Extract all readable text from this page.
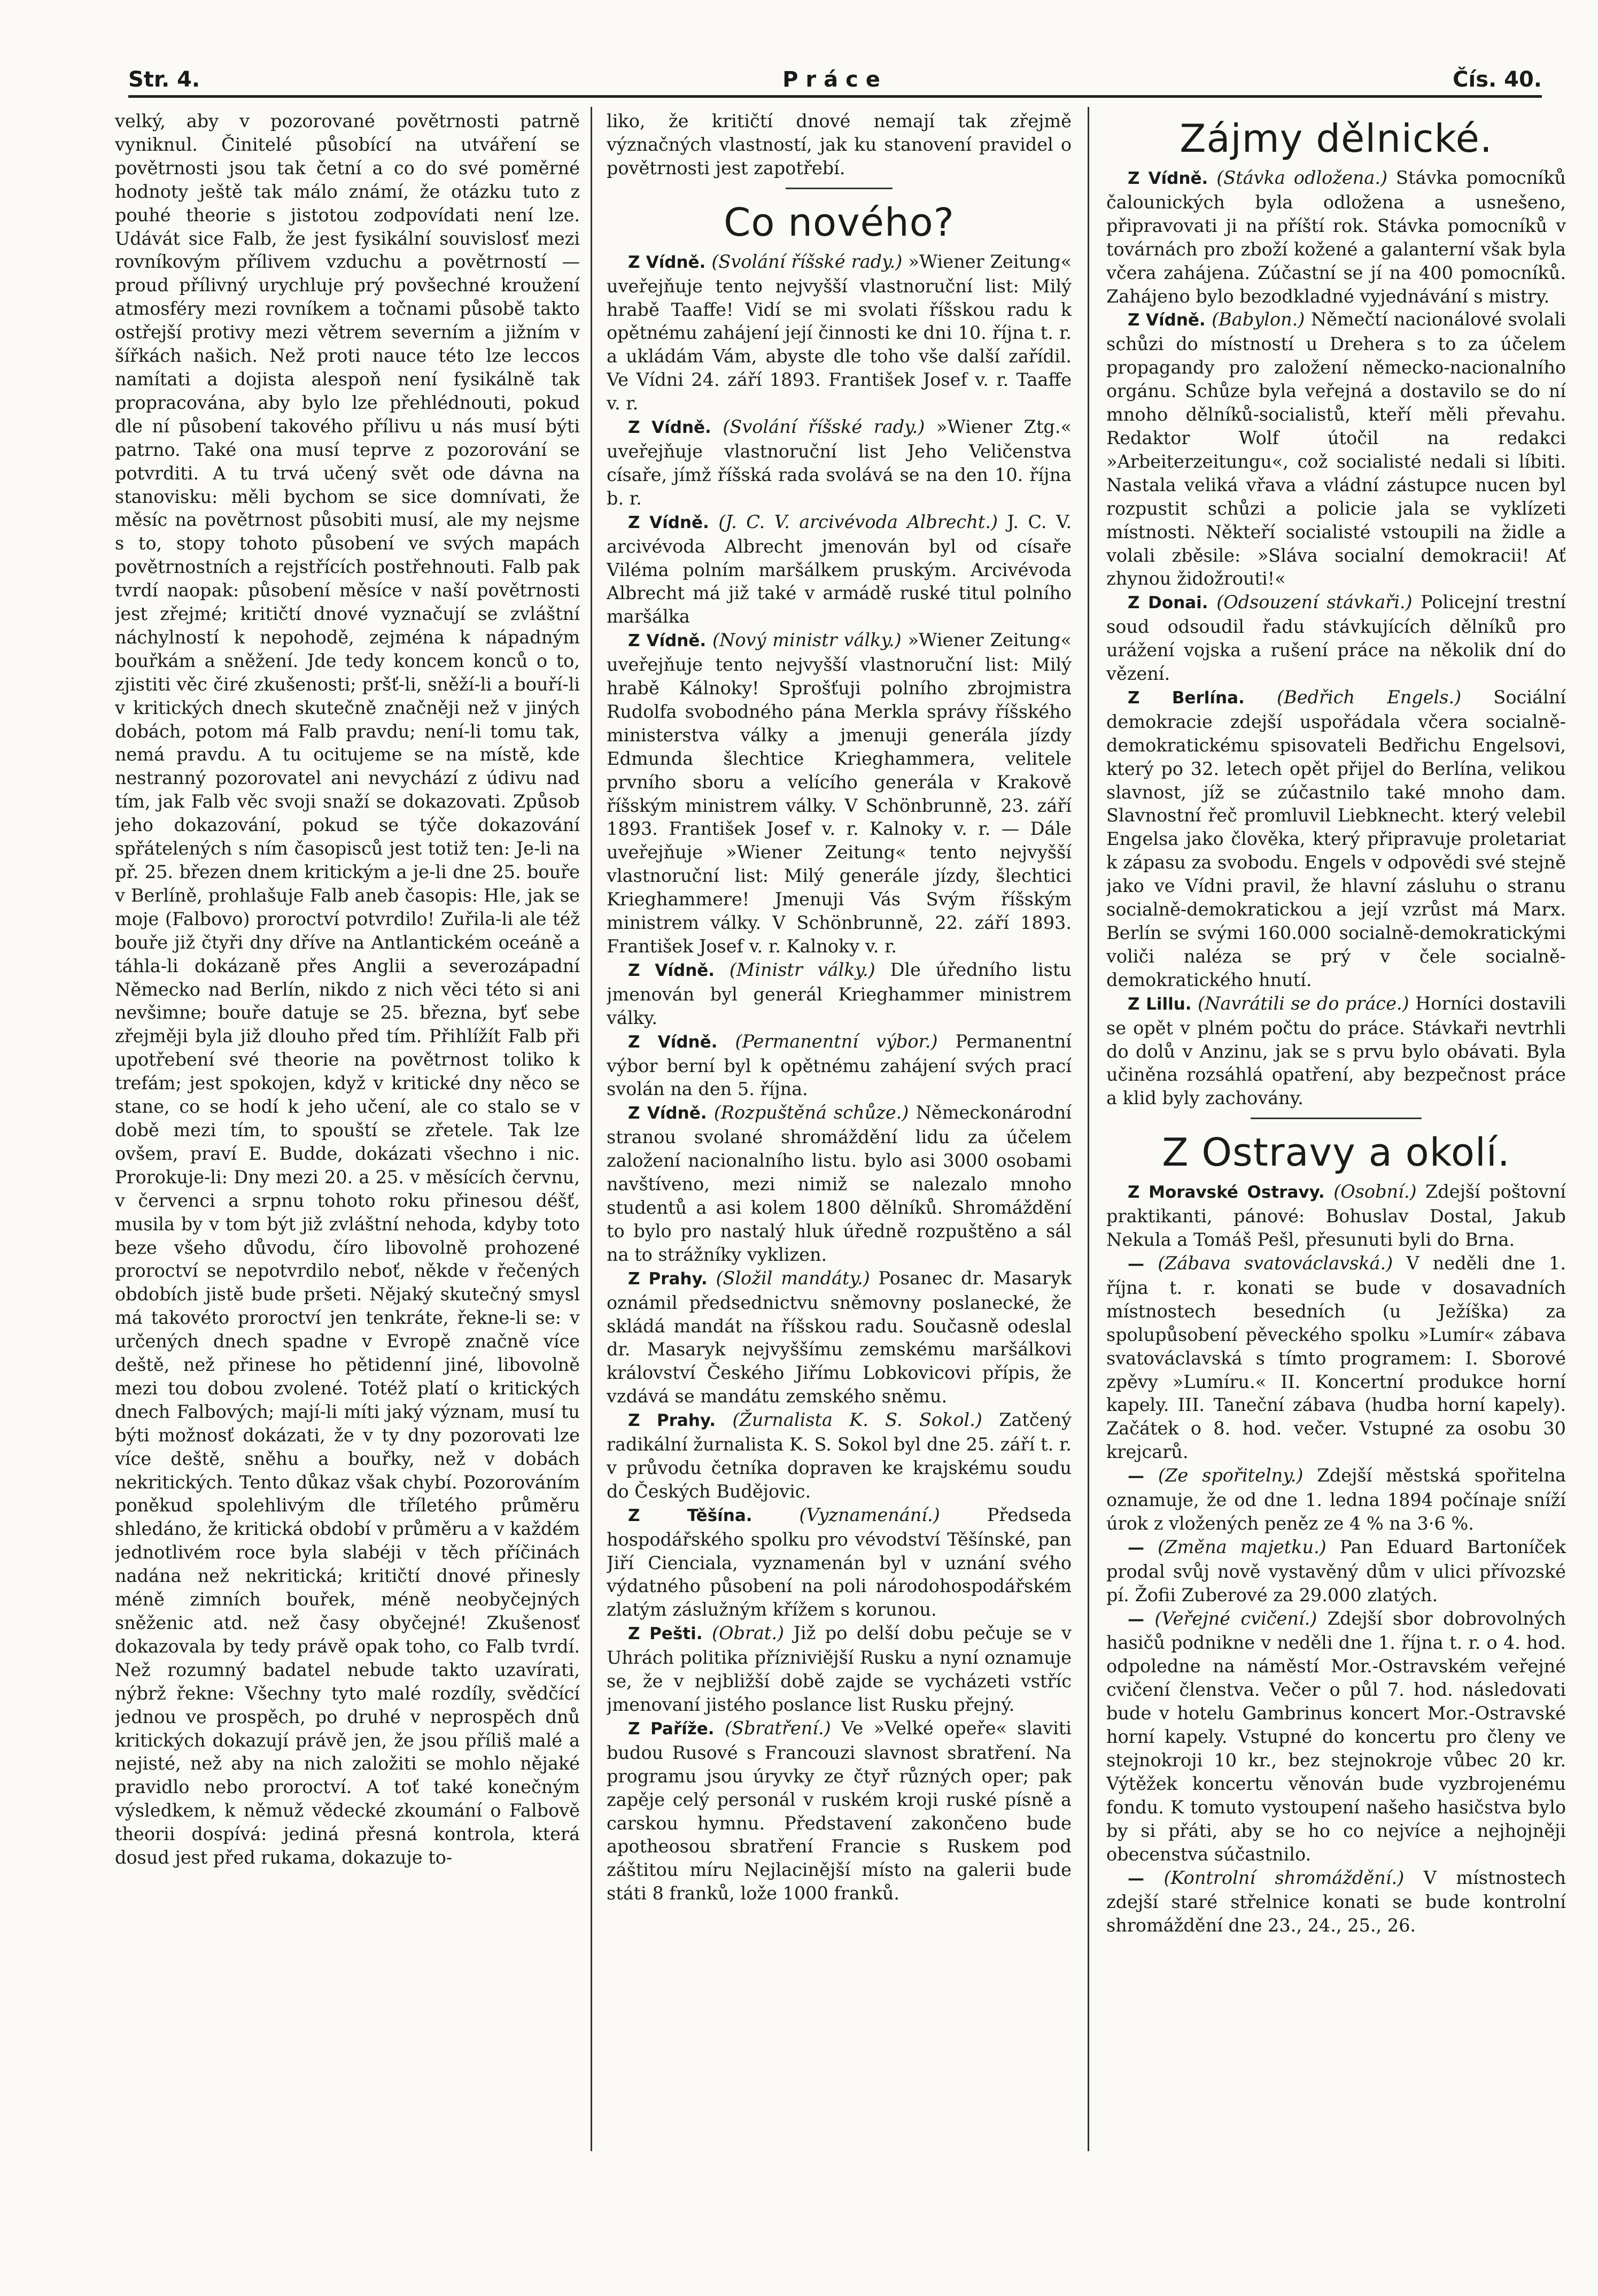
Str. 4.	Práce	Čís. 40.

velký, aby v pozorované povětrnosti patrně vyniknul. Činitelé působící na utváření se povětrnosti jsou tak četní a co do své poměrné hodnoty ještě tak málo známí, že otázku tuto z pouhé theorie s jistotou zodpovídati není lze. Udávát sice Falb, že jest fysikální souvislosť mezi rovníkovým přílivem vzduchu a povětrností — proud přílivný urychluje prý povšechné kroužení atmosféry mezi rovníkem a točnami působě takto ostřejší protivy mezi větrem severním a jižním v šířkách našich. Než proti nauce této lze leccos namítati a dojista alespoň není fysikálně tak propracována, aby bylo lze přehlédnouti, pokud dle ní působení takového přílivu u nás musí býti patrno. Také ona musí teprve z pozorování se potvrditi. A tu trvá učený svět ode dávna na stanovisku: měli bychom se sice domnívati, že měsíc na povětrnost působiti musí, ale my nejsme s to, stopy tohoto působení ve svých mapách povětrnostních a rejstřících postřehnouti. Falb pak tvrdí naopak: působení měsíce v naší povětrnosti jest zřejmé; kritičtí dnové vyznačují se zvláštní náchylností k nepohodě, zejména k nápadným bouřkám a sněžení. Jde tedy koncem konců o to, zjistiti věc čiré zkušenosti; pršť-li, sněží-li a bouří-li v kritických dnech skutečně značněji než v jiných dobách, potom má Falb pravdu; není-li tomu tak, nemá pravdu. A tu ocitujeme se na místě, kde nestranný pozorovatel ani nevychází z údivu nad tím, jak Falb věc svoji snaží se dokazovati. Způsob jeho dokazování, pokud se týče dokazování spřátelených s ním časopisců jest totiž ten: Je-li na př. 25. březen dnem kritickým a je-li dne 25. bouře v Berlíně, prohlašuje Falb aneb časopis: Hle, jak se moje (Falbovo) proroctví potvrdilo! Zuřila-li ale též bouře již čtyři dny dříve na Antlantickém oceáně a táhla-li dokázaně přes Anglii a severozápadní Německo nad Berlín, nikdo z nich věci této si ani nevšimne; bouře datuje se 25. března, byť sebe zřejměji byla již dlouho před tím. Přihlížít Falb při upotřebení své theorie na povětrnost toliko k trefám; jest spokojen, když v kritické dny něco se stane, co se hodí k jeho učení, ale co stalo se v době mezi tím, to spouští se zřetele. Tak lze ovšem, praví E. Budde, dokázati všechno i nic. Prorokuje-li: Dny mezi 20. a 25. v měsících červnu, v červenci a srpnu tohoto roku přinesou déšť, musila by v tom být již zvláštní nehoda, kdyby toto beze všeho důvodu, číro libovolně prohozené proroctví se nepotvrdilo neboť, někde v řečených obdobích jistě bude pršeti. Nějaký skutečný smysl má takovéto proroctví jen tenkráte, řekne-li se: v určených dnech spadne v Evropě značně více deště, než přinese ho pětidenní jiné, libovolně mezi tou dobou zvolené. Totéž platí o kritických dnech Falbových; mají-li míti jaký význam, musí tu býti možnosť dokázati, že v ty dny pozorovati lze více deště, sněhu a bouřky, než v dobách nekritických. Tento důkaz však chybí. Pozorováním poněkud spolehlivým dle tříletého průměru shledáno, že kritická období v průměru a v každém jednotlivém roce byla slabéji v těch příčinách nadána než nekritická; kritičtí dnové přinesly méně zimních bouřek, méně neobyčejných sněženic atd. než časy obyčejné! Zkušenosť dokazovala by tedy právě opak toho, co Falb tvrdí. Než rozumný badatel nebude takto uzavírati, nýbrž řekne: Všechny tyto malé rozdíly, svědčící jednou ve prospěch, po druhé v neprospěch dnů kritických dokazují právě jen, že jsou příliš malé a nejisté, než aby na nich založiti se mohlo nějaké pravidlo nebo proroctví. A toť také konečným výsledkem, k němuž vědecké zkoumání o Falbově theorii dospívá: jediná přesná kontrola, která dosud jest před rukama, dokazuje to-

liko, že kritičtí dnové nemají tak zřejmě význačných vlastností, jak ku stanovení pravidel o povětrnosti jest zapotřebí.

Co nového?

Z Vídně. (Svolání říšské rady.) »Wiener Zeitung« uveřejňuje tento nejvyšší vlastnoruční list: Milý hrabě Taaffe! Vidí se mi svolati říšskou radu k opětnému zahájení její činnosti ke dni 10. října t. r. a ukládám Vám, abyste dle toho vše další zařídil. Ve Vídni 24. září 1893. František Josef v. r. Taaffe v. r.

Z Vídně. (Svolání říšské rady.) »Wiener Ztg.« uveřejňuje vlastnoruční list Jeho Veličenstva císaře, jímž říšská rada svolává se na den 10. října b. r.

Z Vídně. (J. C. V. arcivévoda Albrecht.) J. C. V. arcivévoda Albrecht jmenován byl od císaře Viléma polním maršálkem pruským. Arcivévoda Albrecht má již také v armádě ruské titul polního maršálka

Z Vídně. (Nový ministr války.) »Wiener Zeitung« uveřejňuje tento nejvyšší vlastnoruční list: Milý hrabě Kálnoky! Sprošťuji polního zbrojmistra Rudolfa svobodného pána Merkla správy říšského ministerstva války a jmenuji generála jízdy Edmunda šlechtice Krieghammera, velitele prvního sboru a velícího generála v Krakově říšským ministrem války. V Schönbrunně, 23. září 1893. František Josef v. r. Kalnoky v. r. — Dále uveřejňuje »Wiener Zeitung« tento nejvyšší vlastnoruční list: Milý generále jízdy, šlechtici Krieghammere! Jmenuji Vás Svým říšským ministrem války. V Schönbrunně, 22. září 1893. František Josef v. r. Kalnoky v. r.

Z Vídně. (Ministr války.) Dle úředního listu jmenován byl generál Krieghammer ministrem války.

Z Vídně. (Permanentní výbor.) Permanentní výbor berní byl k opětnému zahájení svých prací svolán na den 5. října.

Z Vídně. (Rozpuštěná schůze.) Německonárodní stranou svolané shromáždění lidu za účelem založení nacionalního listu. bylo asi 3000 osobami navštíveno, mezi nimiž se nalezalo mnoho studentů a asi kolem 1800 dělníků. Shromáždění to bylo pro nastalý hluk úředně rozpuštěno a sál na to strážníky vyklizen.

Z Prahy. (Složil mandáty.) Posanec dr. Masaryk oznámil předsednictvu sněmovny poslanecké, že skládá mandát na říšskou radu. Současně odeslal dr. Masaryk nejvyššímu zemskému maršálkovi království Českého Jiřímu Lobkovicovi přípis, že vzdává se mandátu zemského sněmu.

Z Prahy. (Žurnalista K. S. Sokol.) Zatčený radikální žurnalista K. S. Sokol byl dne 25. září t. r. v průvodu četníka dopraven ke krajskému soudu do Českých Budějovic.

Z Těšína.	(Vyznamenání.)	Předseda hospodářského spolku pro vévodství Těšínské, pan Jiří Cienciala, vyznamenán byl v uznání svého výdatného působení na poli národohospodářském zlatým záslužným křížem s korunou.

Z Pešti. (Obrat.) Již po delší dobu pečuje se v Uhrách politika přízniviější Rusku a nyní oznamuje se, že v nejbližší době zajde se vycházeti vstříc jmenovaní jistého poslance list Rusku přejný.

Z Paříže. (Sbratření.) Ve »Velké opeře« slaviti budou Rusové s Francouzi slavnost sbratření. Na programu jsou úryvky ze čtyř různých oper; pak zapěje celý personál v ruském kroji ruské písně a carskou hymnu. Představení zakončeno bude apotheosou sbratření Francie s Ruskem pod záštitou míru Nejlacinější místo na galerii bude státi 8 franků, lože 1000 franků.

Zájmy dělnické.

Z Vídně. (Stávka odložena.) Stávka pomocníků čalounických byla odložena a usnešeno, připravovati ji na příští rok. Stávka pomocníků v továrnách pro zboží kožené a galanterní však byla včera zahájena. Zúčastní se jí na 400 pomocníků. Zahájeno bylo bezodkladné vyjednávání s mistry.

Z Vídně. (Babylon.) Němečtí nacionálové svolali schůzi do místností u Drehera s to za účelem propagandy pro založení německo-nacionalního orgánu. Schůze byla veřejná a dostavilo se do ní mnoho dělníků-socialistů, kteří měli převahu. Redaktor Wolf útočil na redakci »Arbeiterzeitungu«, což socialisté nedali si líbiti. Nastala veliká vřava a vládní zástupce nucen byl rozpustit schůzi a policie jala se vyklízeti místnosti. Někteří socialisté vstoupili na židle a volali zběsile: »Sláva socialní demokracii! Ať zhynou židožrouti!«

Z Donai. (Odsouzení stávkaři.) Policejní trestní soud odsoudil řadu stávkujících dělníků pro urážení vojska a rušení práce na několik dní do vězení.

Z Berlína. (Bedřich Engels.) Sociální demokracie zdejší uspořádala včera socialně-demokratickému spisovateli Bedřichu Engelsovi, který po 32. letech opět přijel do Berlína, velikou slavnost, jíž se zúčastnilo také mnoho dam. Slavnostní řeč promluvil Liebknecht. který velebil Engelsa jako člověka, který připravuje proletariat k zápasu za svobodu. Engels v odpovědi své stejně jako ve Vídni pravil, že hlavní zásluhu o stranu socialně-demokratickou a její vzrůst má Marx. Berlín se svými 160.000 socialně-demokratickými voliči naléza se prý v čele socialně-demokratického hnutí.

Z Lillu. (Navrátili se do práce.) Horníci dostavili se opět v plném počtu do práce. Stávkaři nevtrhli do dolů v Anzinu, jak se s prvu bylo obávati. Byla učiněna rozsáhlá opatření, aby bezpečnost práce a klid byly zachovány.

Z Ostravy a okolí.

Z Moravské Ostravy. (Osobní.) Zdejší poštovní praktikanti, pánové: Bohuslav Dostal, Jakub Nekula a Tomáš Pešl, přesunuti byli do Brna.

— (Zábava svatováclavská.) V neděli dne 1. října t. r. konati se bude v dosavadních místnostech besedních (u Ježíška) za spolupůsobení pěveckého spolku »Lumír« zábava svatováclavská s tímto programem: I. Sborové zpěvy »Lumíru.« II. Koncertní produkce horní kapely. III. Taneční zábava (hudba horní kapely). Začátek o 8. hod. večer. Vstupné za osobu 30 krejcarů.

— (Ze spořitelny.) Zdejší městská spořitelna oznamuje, že od dne 1. ledna 1894 počínaje sníží úrok z vložených peněz ze 4 % na 3·6 %.

— (Změna majetku.) Pan Eduard Bartoníček prodal svůj nově vystavěný dům v ulici přívozské pí. Žofii Zuberové za 29.000 zlatých.

— (Veřejné cvičení.) Zdejší sbor dobrovolných hasičů podnikne v neděli dne 1. října t. r. o 4. hod. odpoledne na náměstí Mor.-Ostravském veřejné cvičení členstva. Večer o půl 7. hod. následovati bude v hotelu Gambrinus koncert Mor.-Ostravské horní kapely. Vstupné do koncertu pro členy ve stejnokroji 10 kr., bez stejnokroje vůbec 20 kr. Výtěžek koncertu věnován bude vyzbrojenému fondu. K tomuto vystoupení našeho hasičstva bylo by si přáti, aby se ho co nejvíce a nejhojněji obecenstva súčastnilo.

— (Kontrolní shromáždění.) V místnostech zdejší staré střelnice konati se bude kontrolní shromáždění dne 23., 24., 25., 26.
